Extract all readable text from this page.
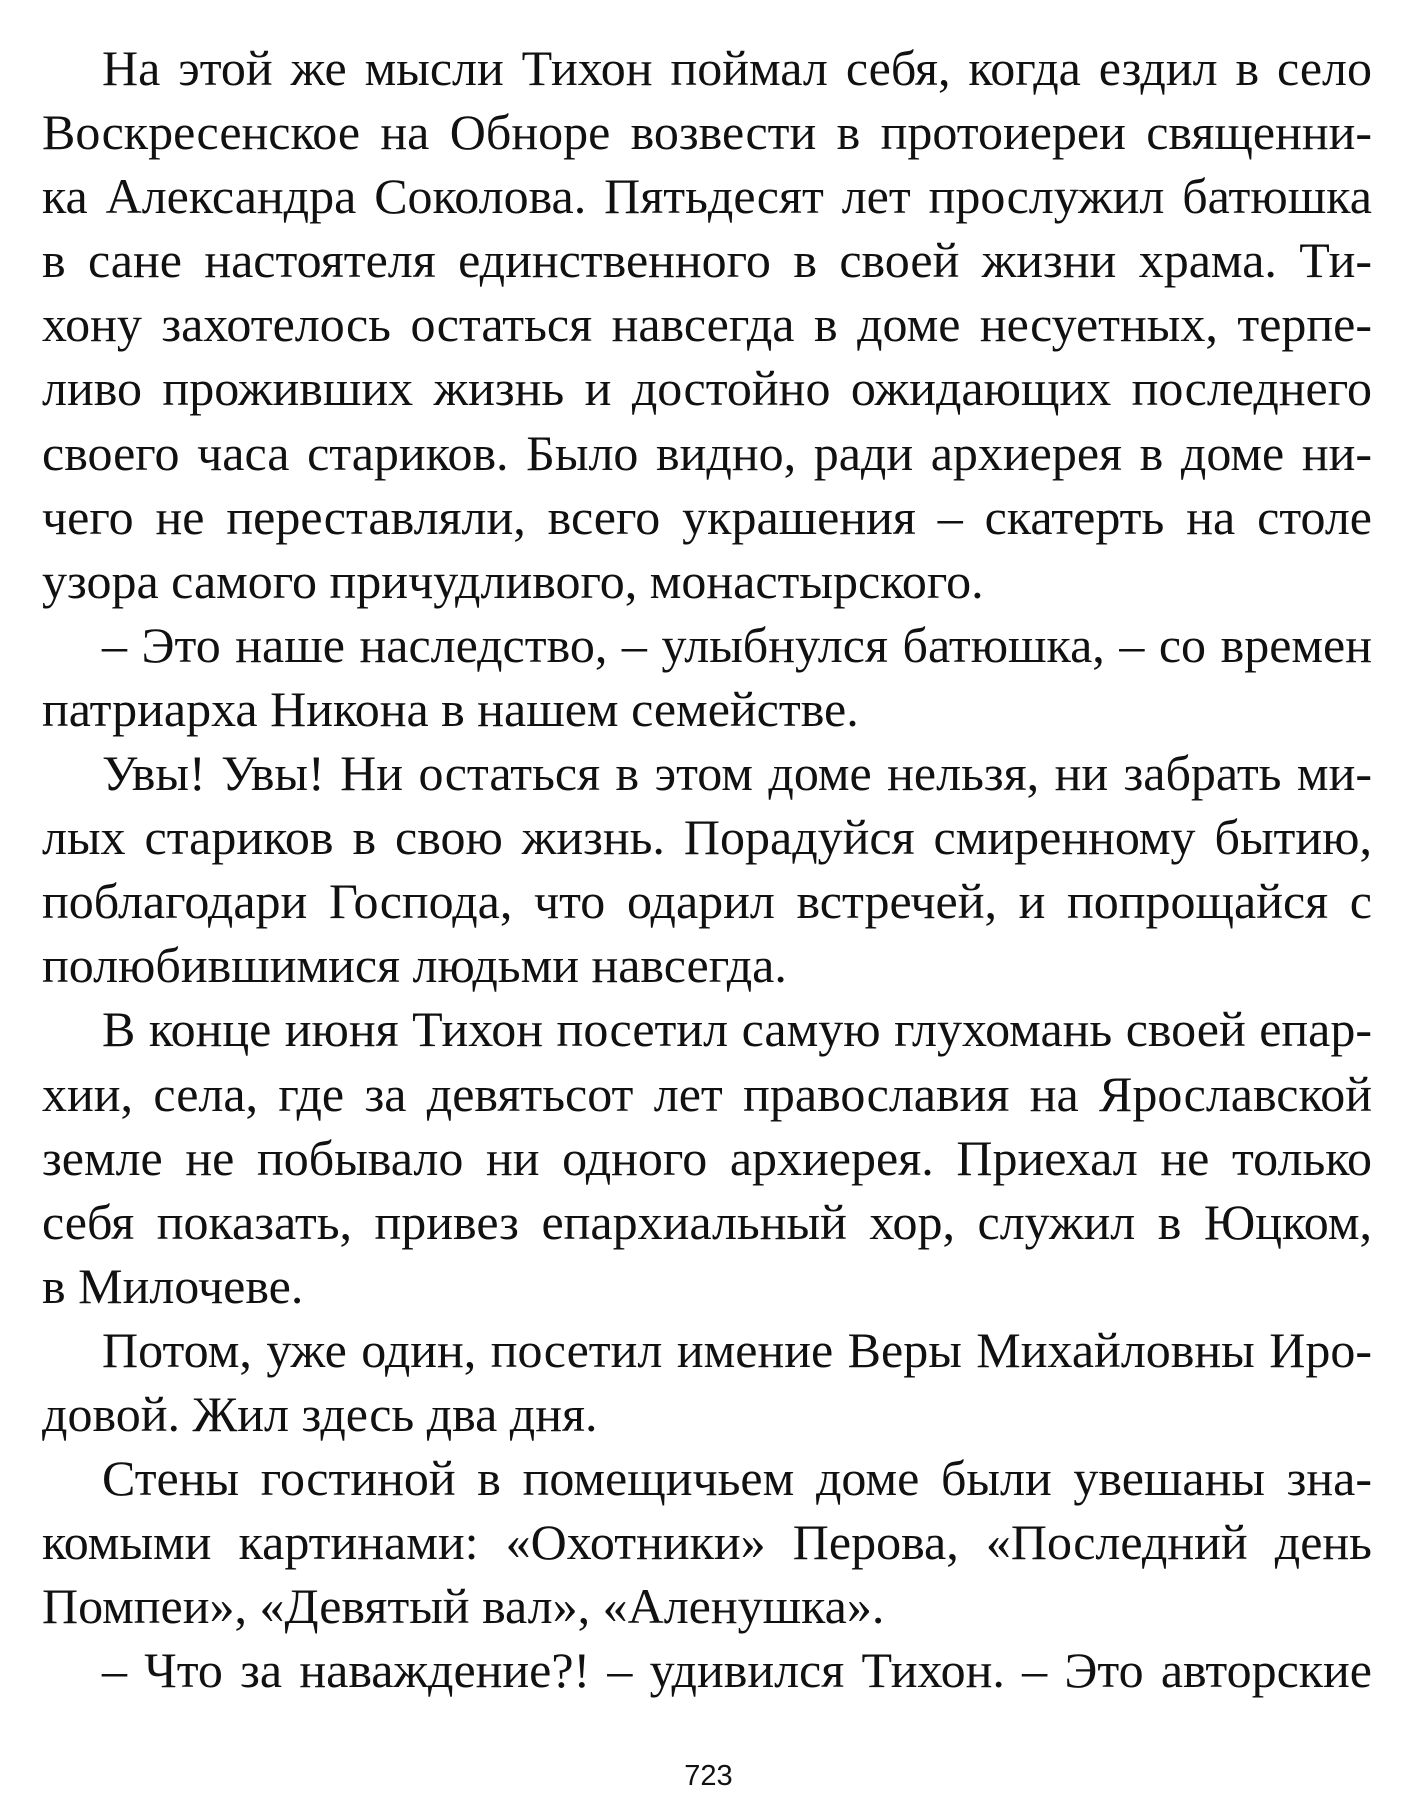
На этой же мысли Тихон поймал себя, когда ездил в село
Воскресенское на Обноре возвести в протоиереи священни-
ка Александра Соколова. Пятьдесят лет прослужил батюшка
в сане настоятеля единственного в своей жизни храма. Ти-
хону захотелось остаться навсегда в доме несуетных, терпе-
ливо проживших жизнь и достойно ожидающих последнего
своего часа стариков. Было видно, ради архиерея в доме ни-
чего не переставляли, всего украшения – скатерть на столе
узора самого причудливого, монастырского.
– Это наше наследство, – улыбнулся батюшка, – со времен
патриарха Никона в нашем семействе.
Увы! Увы! Ни остаться в этом доме нельзя, ни забрать ми-
лых стариков в свою жизнь. Порадуйся смиренному бытию,
поблагодари Господа, что одарил встречей, и попрощайся с
полюбившимися людьми навсегда.
В конце июня Тихон посетил самую глухомань своей епар-
хии, села, где за девятьсот лет православия на Ярославской
земле не побывало ни одного архиерея. Приехал не только
себя показать, привез епархиальный хор, служил в Юцком,
в Милочеве.
Потом, уже один, посетил имение Веры Михайловны Иро-
довой. Жил здесь два дня.
Стены гостиной в помещичьем доме были увешаны зна-
комыми картинами: «Охотники» Перова, «Последний день
Помпеи», «Девятый вал», «Аленушка».
– Что за наваждение?! – удивился Тихон. – Это авторские
723
